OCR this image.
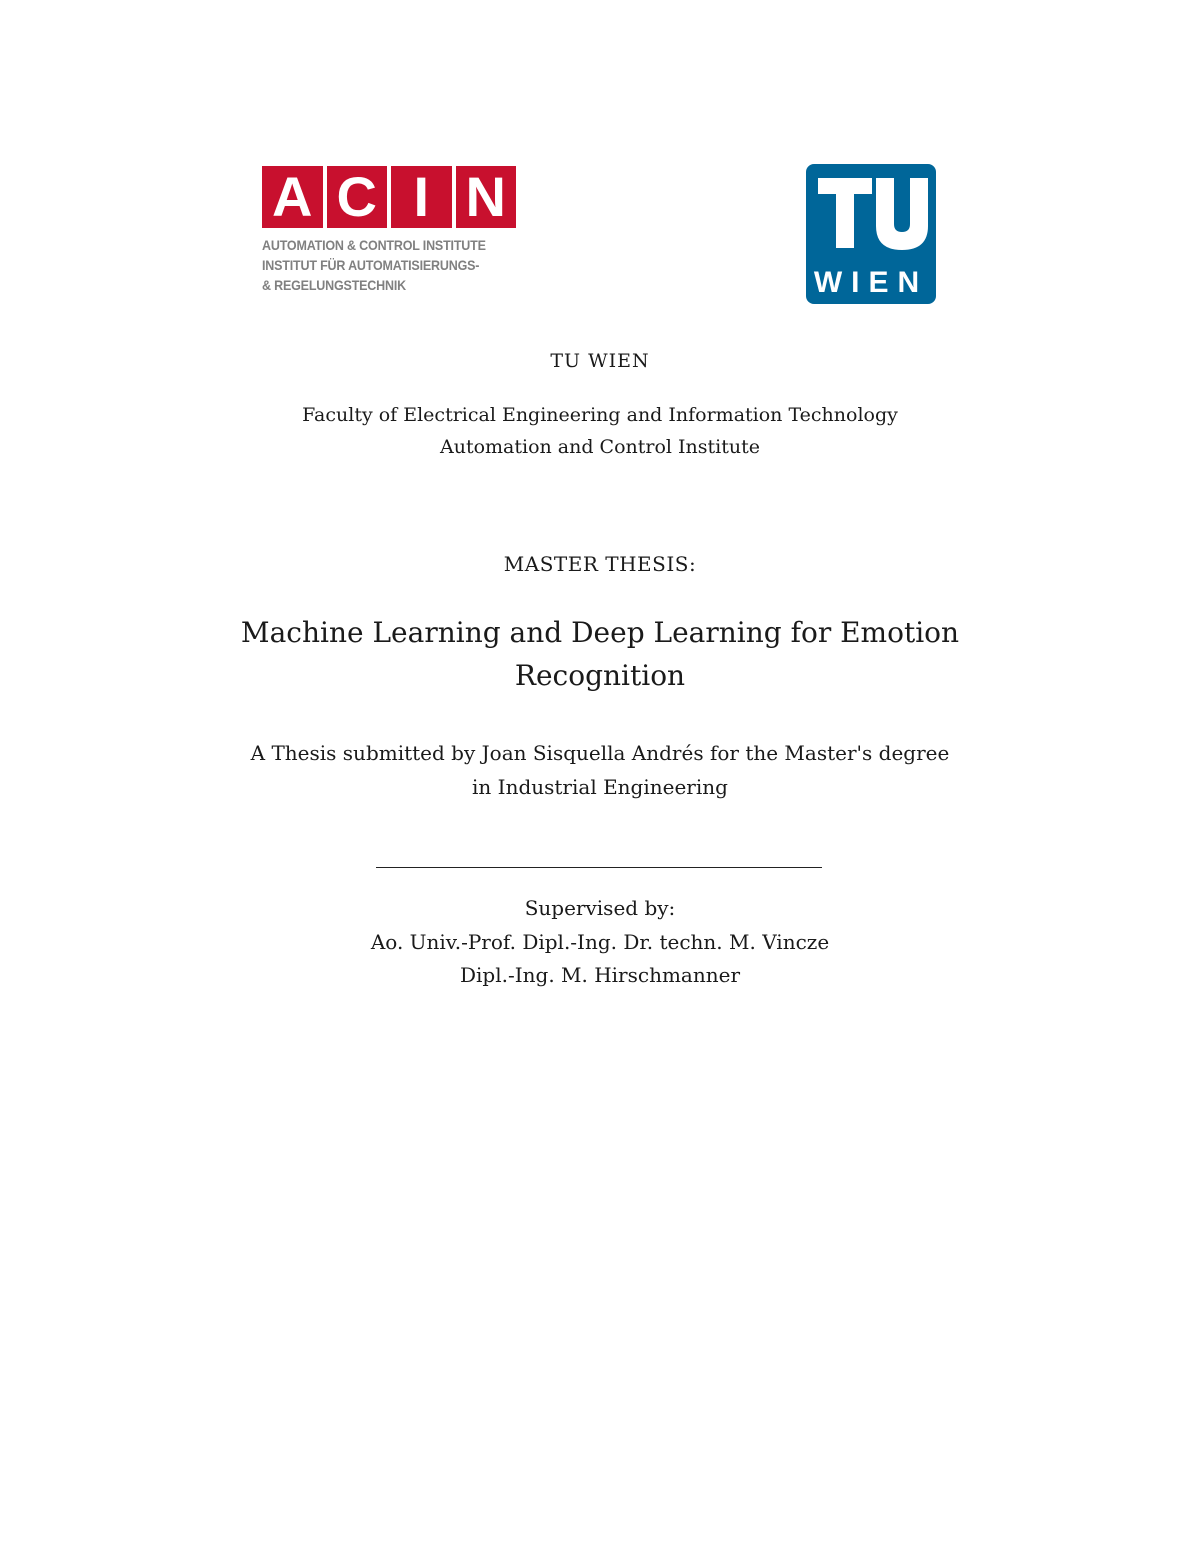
A C I N
AUTOMATION & CONTROL INSTITUTE
INSTITUT FÜR AUTOMATISIERUNGS-
& REGELUNGSTECHNIK	WIEN
TU WIEN
Faculty of Electrical Engineering and Information Technology
Automation and Control Institute
MASTER THESIS:
Machine Learning and Deep Learning for Emotion
Recognition
A Thesis submitted by Joan Sisquella Andrés for the Master's degree
in Industrial Engineering
Supervised by:
Ao. Univ.-Prof. Dipl.-Ing. Dr. techn. M. Vincze
Dipl.-Ing. M. Hirschmanner
